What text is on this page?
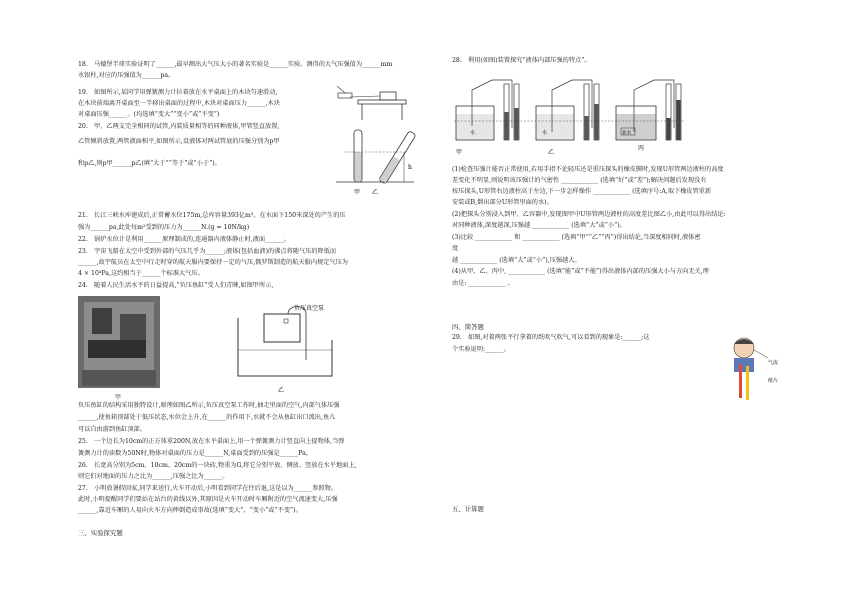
18.　马德堡半球实验证明了______,最早测出大气压大小的著名实验是______实验。测得的大气压强值为______mm水银柱,对应的压强值为______pa。
19.　如图所示,某同学用弹簧测力计拉着放在水平桌面上的木块匀速滑动,
在木块前端离开桌面至一半移出桌面的过程中,木块对桌面压力______,木块
对桌面压强______。(均选填“变大”“变小”或“不变”)
20.　甲、乙两支完全相同的试管,内装质量相等的同种液体,甲管竖直放置,
乙管倾斜放置,两管液面相平,如图所示,设液体对两试管底的压强分别为p甲
和p乙,则p甲______p乙(填“大于”“等于”或“小于”)。
h
甲 乙
21.　长江三峡水库建成后,正常蓄水位175m,总库容量393亿m³。在水面下150米深处的产生的压
强为______pa,此处每m²受到的压力为______N.(g = 10N/kg)
22.　锅炉水位计是利用______原理制成的,连通器内液体静止时,液面______。
23.　宇宙飞船在太空中受到外部的气压几乎为______;液体(包括血液)的沸点将随气压的降低而
______,故宇航员在太空中行走时穿的航天服内要保持一定的气压,俄罗斯制造的航天服内规定气压为
4 × 10⁴Pa,这约相当于______个标准大气压。
24.　随着人民生活水平的日益提高,“负压鱼缸”受人们青睐,如图甲所示,
甲
负压真空泵
乙
负压鱼缸的结构采用独特设计,原理如图乙所示,负压真空泵工作时,抽走里面的空气,内部气体压强
______,使鱼箱顶部处于低压状态,水位会上升,在______的作用下,水就不会从鱼缸出口流出,鱼儿
可以自由游到鱼缸顶部。
25.　一个边长为10cm的正方体重200N,放在水平桌面上,用一个弹簧测力计竖直向上提物体,当弹
簧测力计的读数为50N时,物体对桌面的压力是______N,桌面受到的压强是______Pa。
26.　长宽高分别为5cm、10cm、20cm的一块砖,物重为G,将它分别平放、侧放、竖放在水平地面上,
则它们对地面的压力之比为______,压强之比为______。
27.　小明放暑假回家,同学来送行,火车开动后,小明看到同学在往后退,这是以为______参照物。
此时,小明提醒同学们要站在站台的黄线以外,其原因是火车开动时车厢附近的空气流速变大,压强
______,靠近车厢的人易向火车方向摔倒造成事故(选填“变大”、“变小”或“不变”)。
三、实验探究题
28.　利用(如图)装置探究“液体内部压强的特点”。
水	水	盐水
甲	乙
丙
(1)检查压强计能否正常使用,若用手指不论轻压还是重压探头的橡皮膜时,发现U形管两边液柱的高度
差变化不明显,则说明该压强计的气密性 ____________ (选填“好”或“差”);解决问题后发现没有
按压探头,U形管右边液柱高于左边,下一步怎样操作 ____________ (选填序号:A,取下橡皮管重新
安装或B,倒出部分U形管里面的水)。
(2)把探头分别浸入到甲、乙容器中,发现图甲中U形管两边液柱的高度差比图乙小,由此可以得出结论:
对同种液体,深度越深,压强越 ____________ (选填“大”或“小”)。
(3)比较 ____________ 和 ____________ (选填“甲”“乙”“丙”)得出结论,当深度相同时,液体密
度
越 ____________ (选填“大”或“小”),压强越大。
(4)从甲、乙、丙中, ____________ (选填“能”或“不能”)得出液体内部的压强大小与方向无关,理
由是: ____________ 。
四、简答题
29.　如图,对着两张平行拿着的纸吹气吹气,可以看到的现象是:______;这
个实验说明:______。
气流
纸片
五、计算题
